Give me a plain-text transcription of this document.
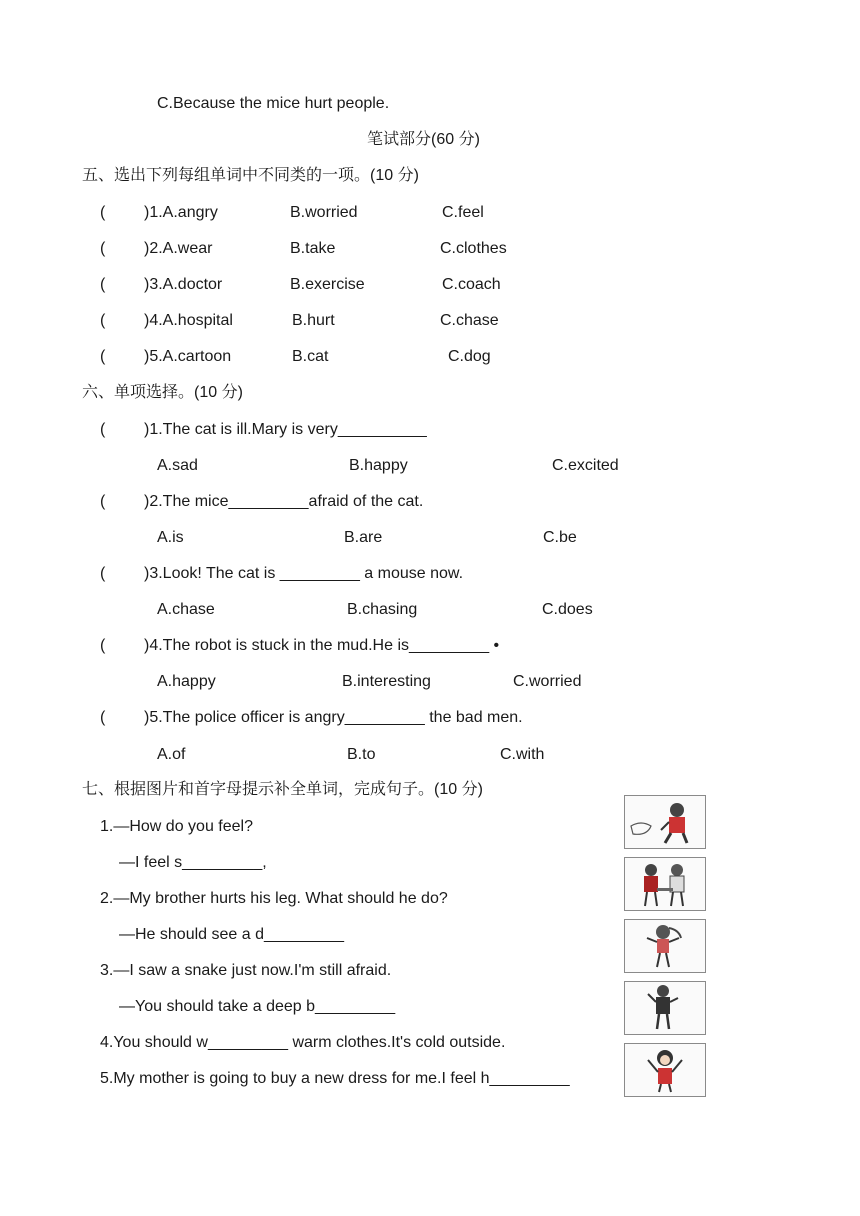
C.Because the mice hurt people.
笔试部分(60 分)
五、选出下列每组单词中不同类的一项。(10 分)
( )1.A.angry	B.worried	C.feel
( )2.A.wear	B.take	C.clothes
( )3.A.doctor	B.exercise	C.coach
( )4.A.hospital	B.hurt	C.chase
( )5.A.cartoon	B.cat	C.dog
六、单项选择。(10 分)
( )1.The cat is ill.Mary is very__________
A.sad	B.happy	C.excited
( )2.The mice_________afraid of the cat.
A.is	B.are	C.be
( )3.Look! The cat is _________ a mouse now.
A.chase	B.chasing	C.does
( )4.The robot is stuck in the mud.He is_________ •
A.happy	B.interesting	C.worried
( )5.The police officer is angry_________ the bad men.
A.of	B.to	C.with
七、根据图片和首字母提示补全单词，完成句子。(10 分)
1.—How do you feel?
—I feel s_________,
2.—My brother hurts his leg. What should he do?
—He should see a d_________
3.—I saw a snake just now.I'm still afraid.
—You should take a deep b_________
4.You should w_________ warm clothes.It's cold outside.
5.My mother is going to buy a new dress for me.I feel h_________
